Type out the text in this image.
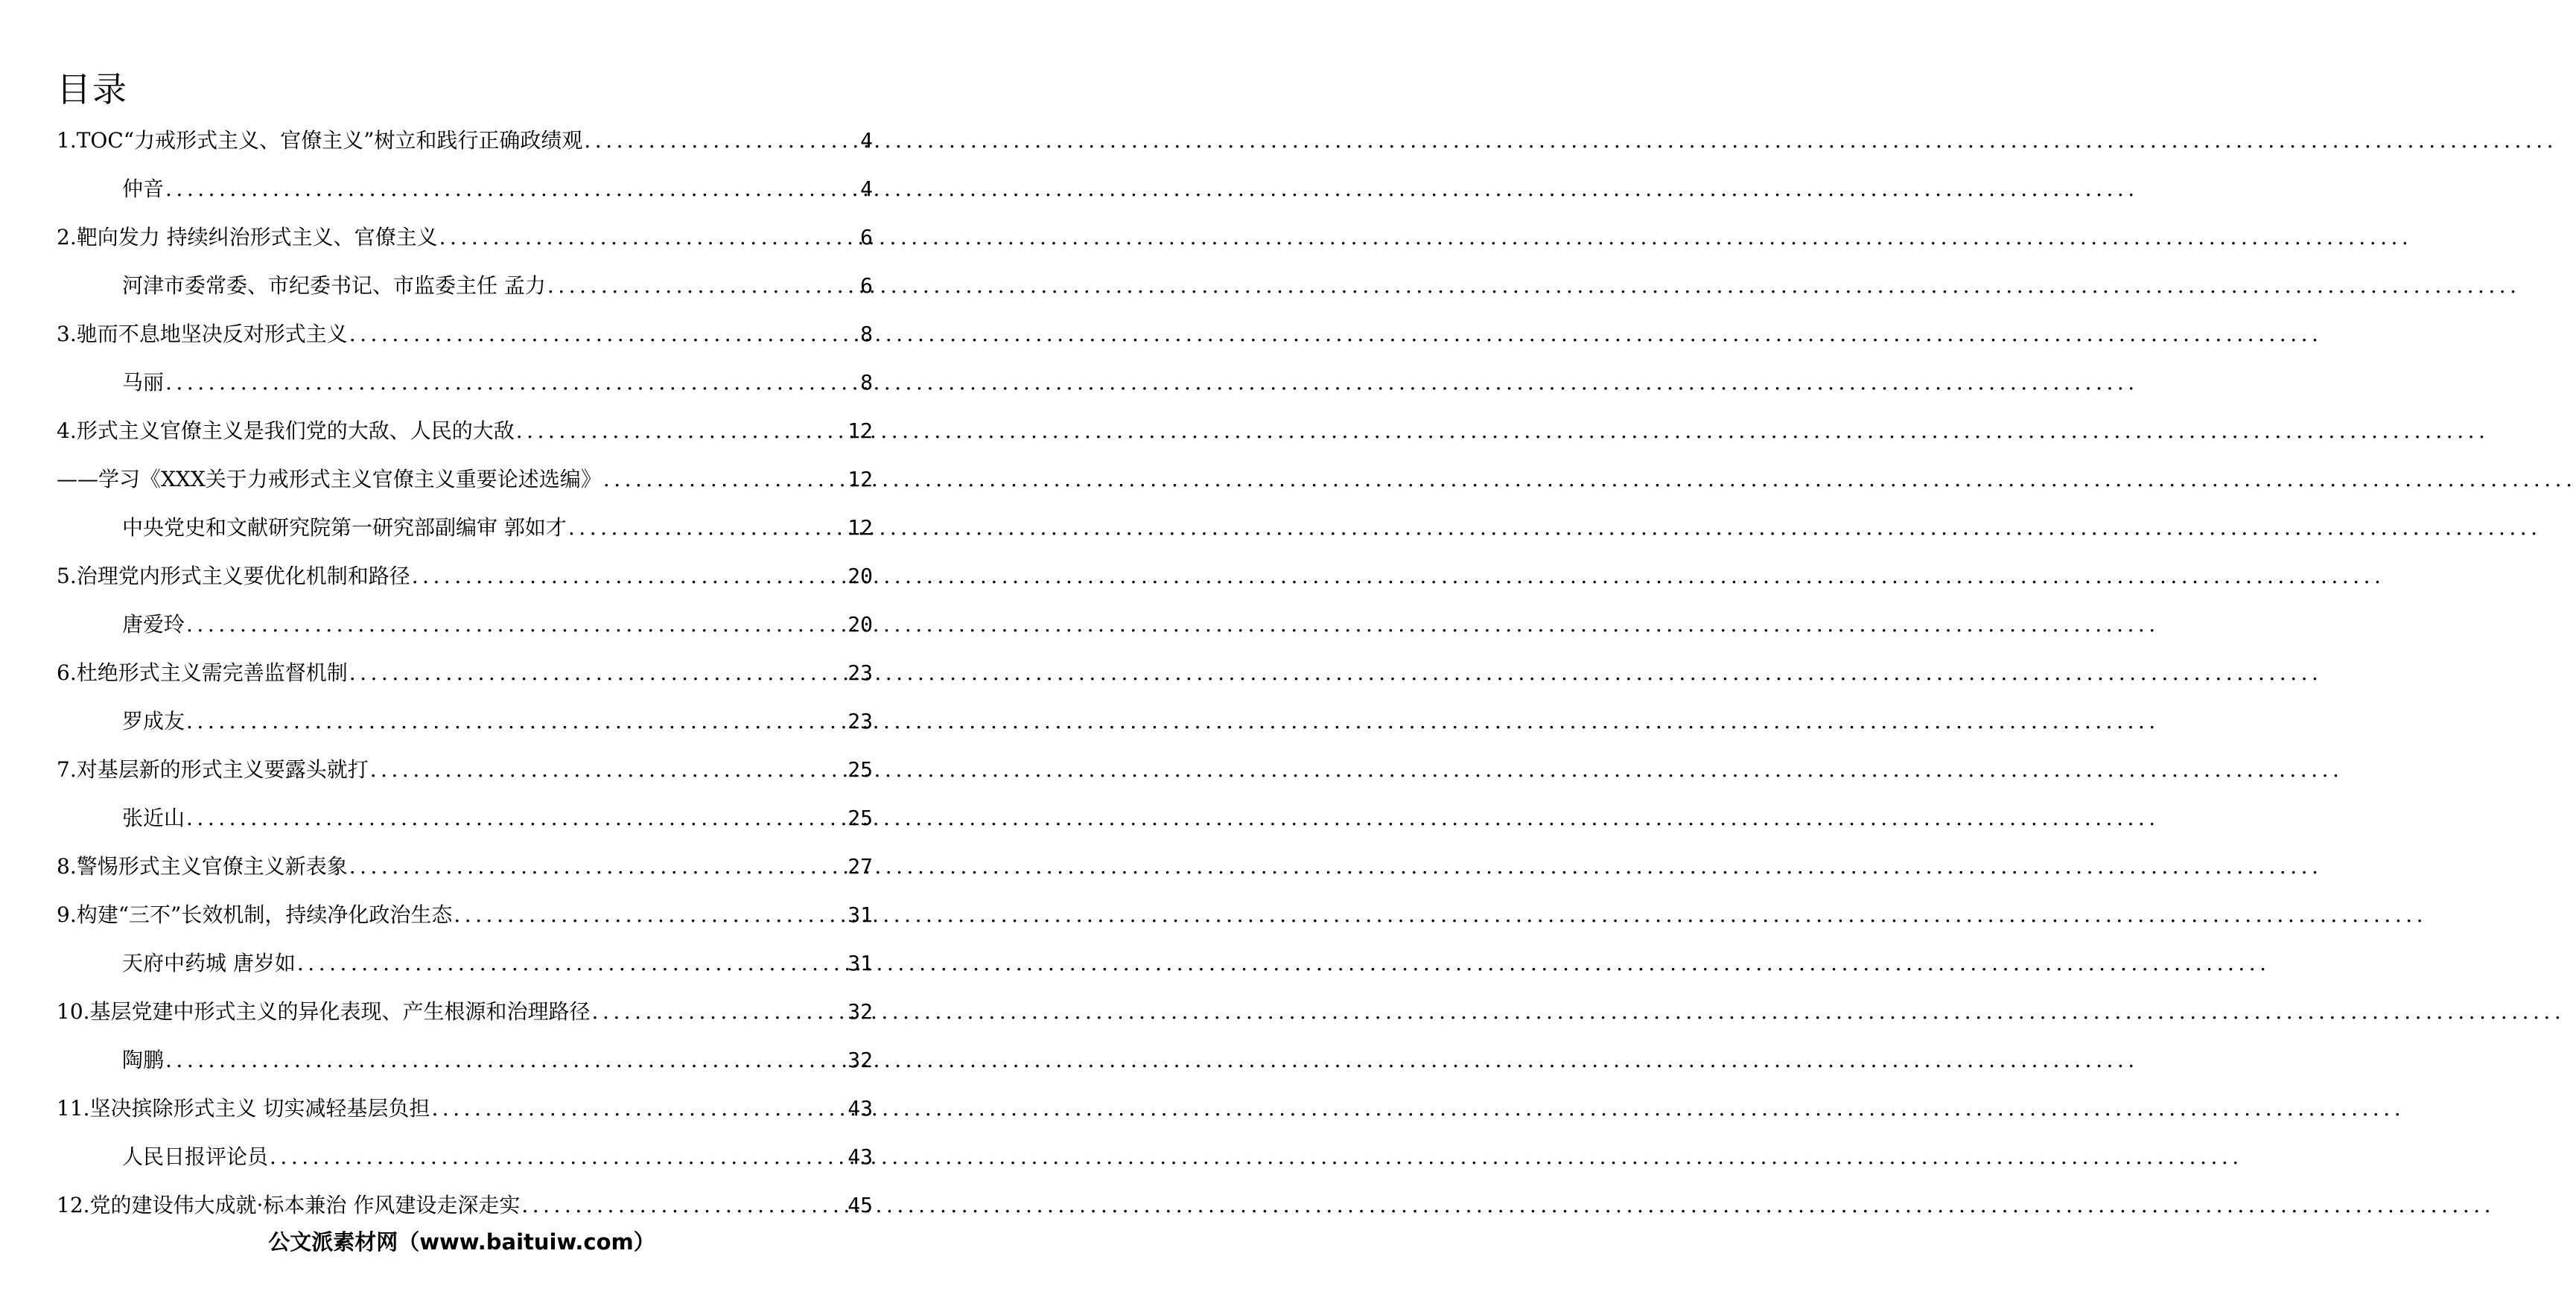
目录
1.TOC“力戒形式主义、官僚主义”树立和践行正确政绩观 .....	4
仲音 .....	4
2.靶向发力 持续纠治形式主义、官僚主义 .....	6
河津市委常委、市纪委书记、市监委主任 孟力 .....	6
3.驰而不息地坚决反对形式主义 .....	8
马丽 .....	8
4.形式主义官僚主义是我们党的大敌、人民的大敌 .....	12
——学习《XXX关于力戒形式主义官僚主义重要论述选编》 .....	12
中央党史和文献研究院第一研究部副编审 郭如才 .....	12
5.治理党内形式主义要优化机制和路径 .....	20
唐爱玲 .....	20
6.杜绝形式主义需完善监督机制 .....	23
罗成友 .....	23
7.对基层新的形式主义要露头就打 .....	25
张近山 .....	25
8.警惕形式主义官僚主义新表象 .....	27
9.构建“三不”长效机制，持续净化政治生态 .....	31
天府中药城 唐岁如 .....	31
10.基层党建中形式主义的异化表现、产生根源和治理路径 .....	32
陶鹏 .....	32
11.坚决摈除形式主义 切实减轻基层负担 .....	43
人民日报评论员 .....	43
12.党的建设伟大成就·标本兼治 作风建设走深走实 .....	45
公文派素材网（www.baituiw.com）
